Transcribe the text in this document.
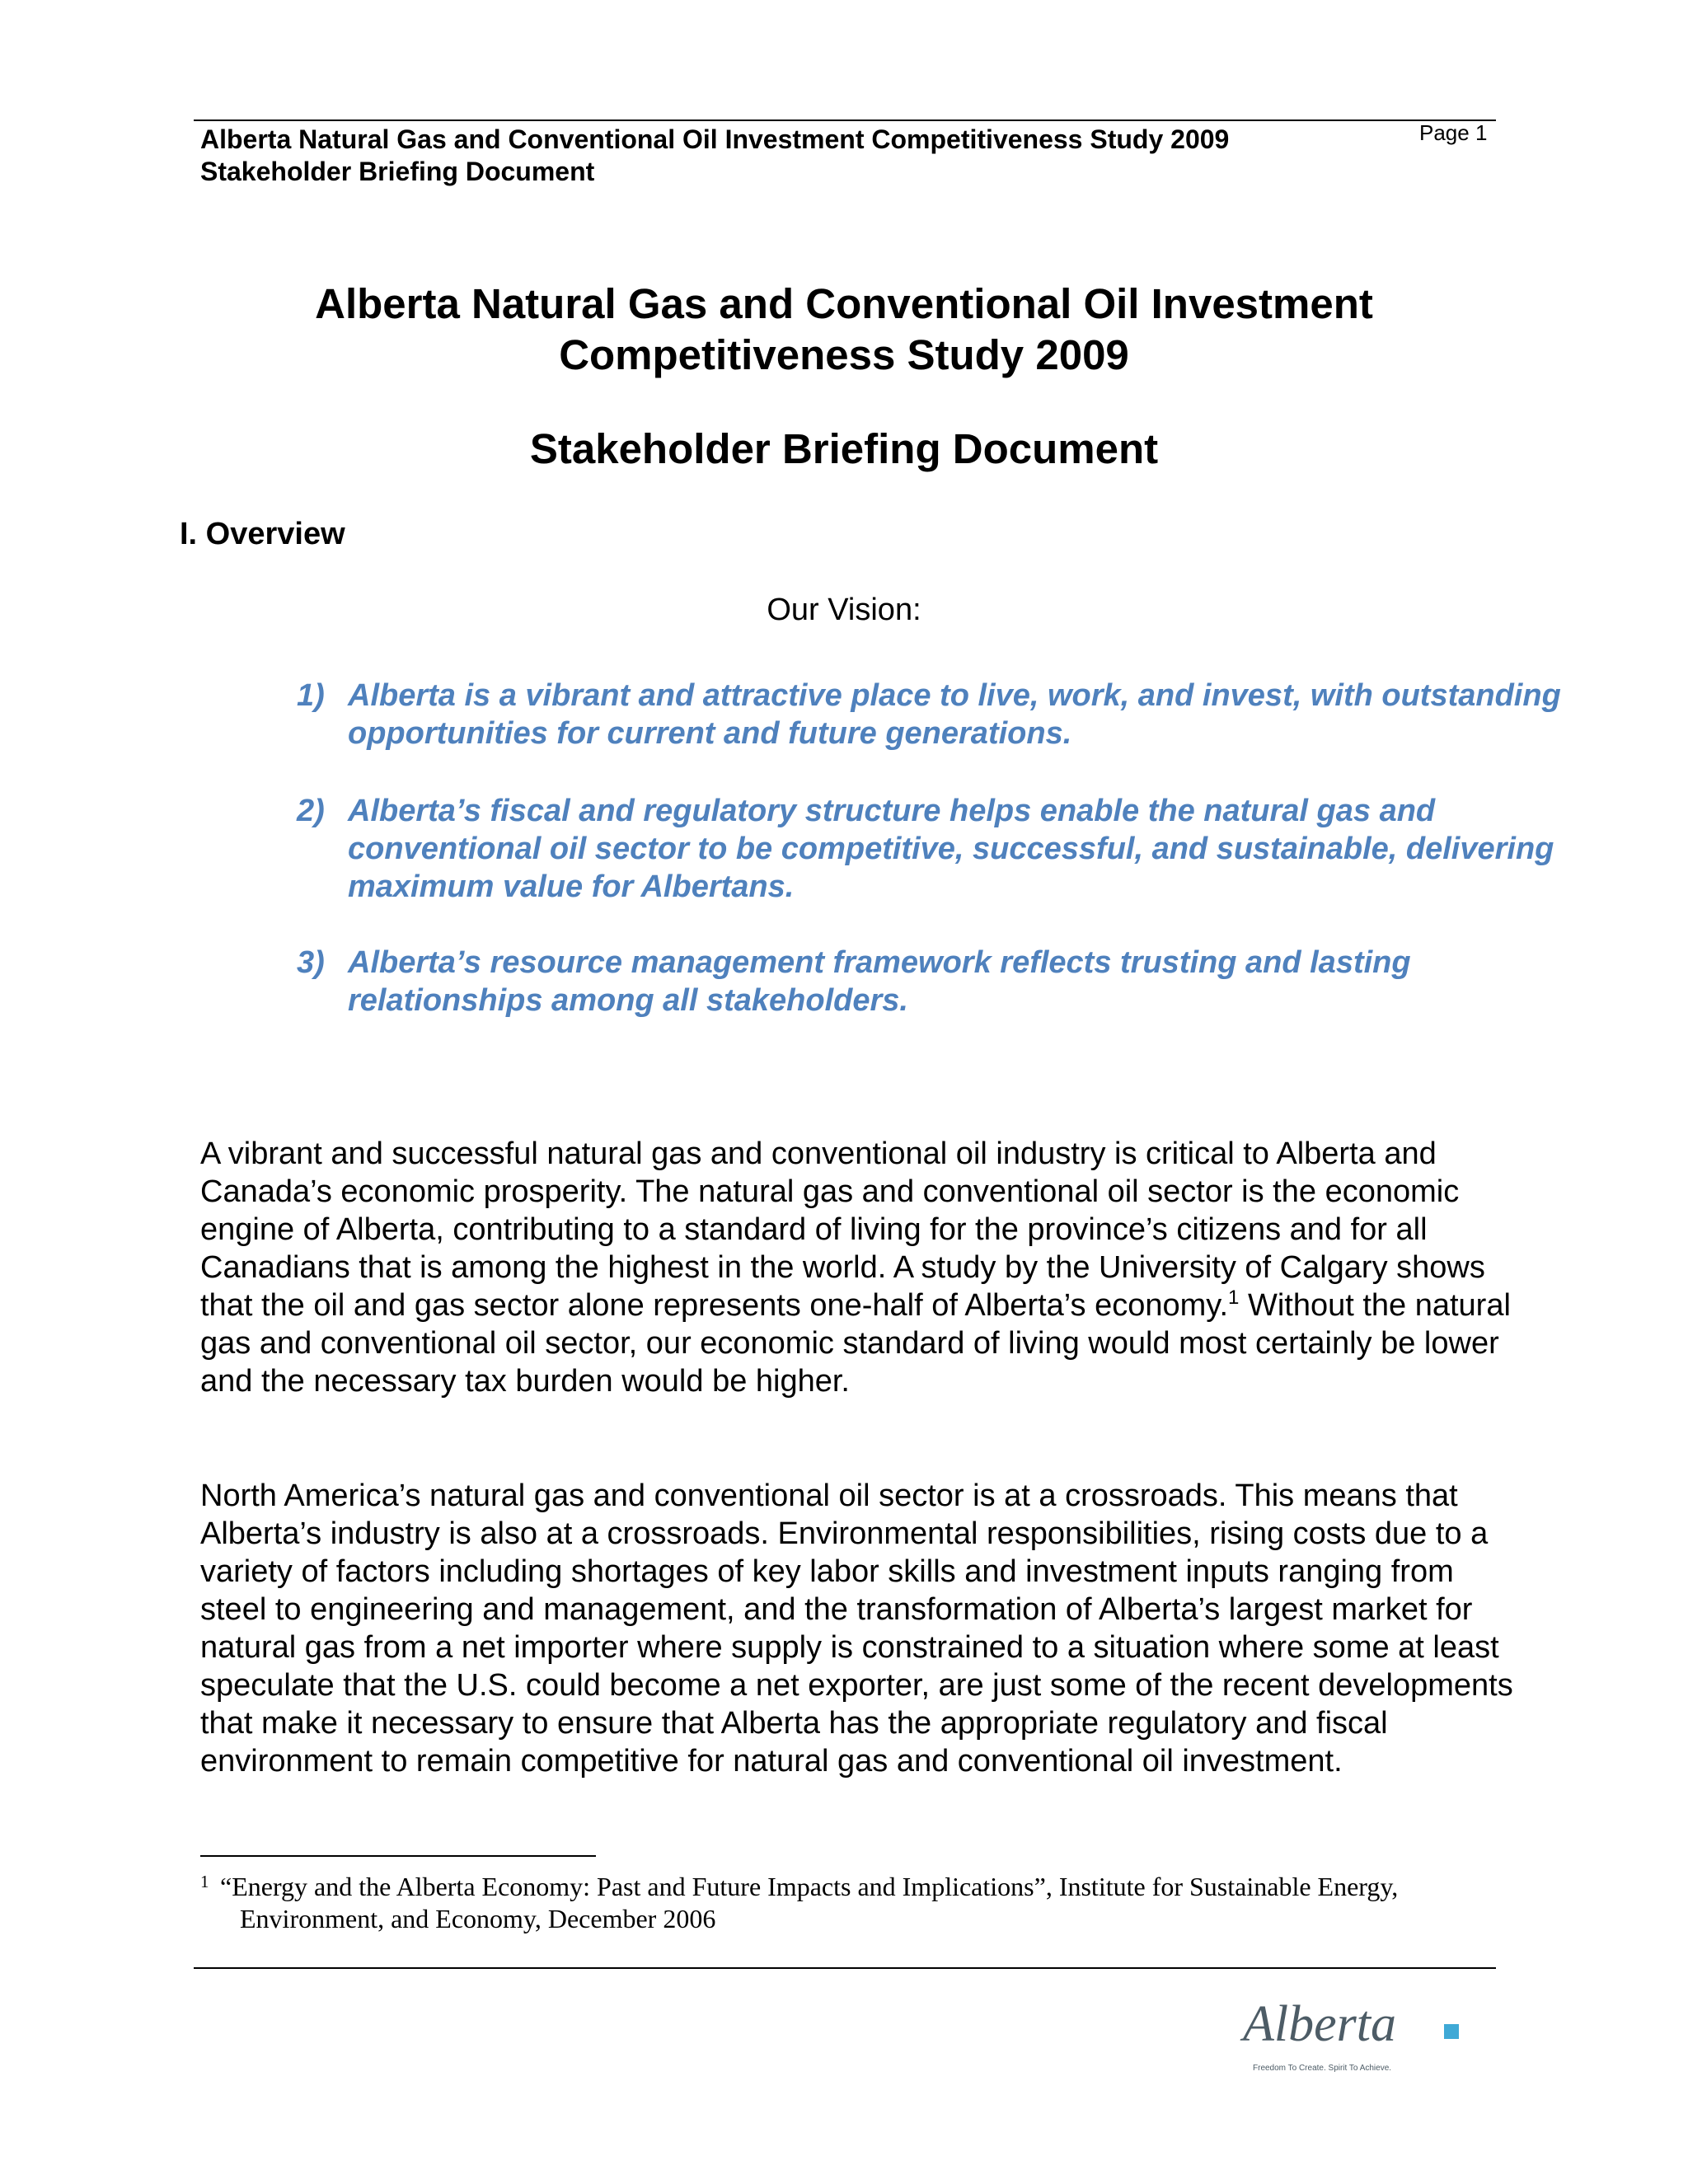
Alberta Natural Gas and Conventional Oil Investment Competitiveness Study 2009
Stakeholder Briefing Document
Page 1
Alberta Natural Gas and Conventional Oil Investment
Competitiveness Study 2009
Stakeholder Briefing Document
I. Overview
Our Vision:
1) Alberta is a vibrant and attractive place to live, work, and invest, with outstanding opportunities for current and future generations.
2) Alberta’s fiscal and regulatory structure helps enable the natural gas and conventional oil sector to be competitive, successful, and sustainable, delivering maximum value for Albertans.
3) Alberta’s resource management framework reflects trusting and lasting relationships among all stakeholders.
A vibrant and successful natural gas and conventional oil industry is critical to Alberta and Canada’s economic prosperity. The natural gas and conventional oil sector is the economic engine of Alberta, contributing to a standard of living for the province’s citizens and for all Canadians that is among the highest in the world. A study by the University of Calgary shows that the oil and gas sector alone represents one-half of Alberta’s economy.$^1$ Without the natural gas and conventional oil sector, our economic standard of living would most certainly be lower and the necessary tax burden would be higher.
North America’s natural gas and conventional oil sector is at a crossroads. This means that Alberta’s industry is also at a crossroads. Environmental responsibilities, rising costs due to a variety of factors including shortages of key labor skills and investment inputs ranging from steel to engineering and management, and the transformation of Alberta’s largest market for natural gas from a net importer where supply is constrained to a situation where some at least speculate that the U.S. could become a net exporter, are just some of the recent developments that make it necessary to ensure that Alberta has the appropriate regulatory and fiscal environment to remain competitive for natural gas and conventional oil investment.
1 “Energy and the Alberta Economy: Past and Future Impacts and Implications”, Institute for Sustainable Energy,
Environment, and Economy, December 2006
Alberta
Freedom To Create. Spirit To Achieve.
